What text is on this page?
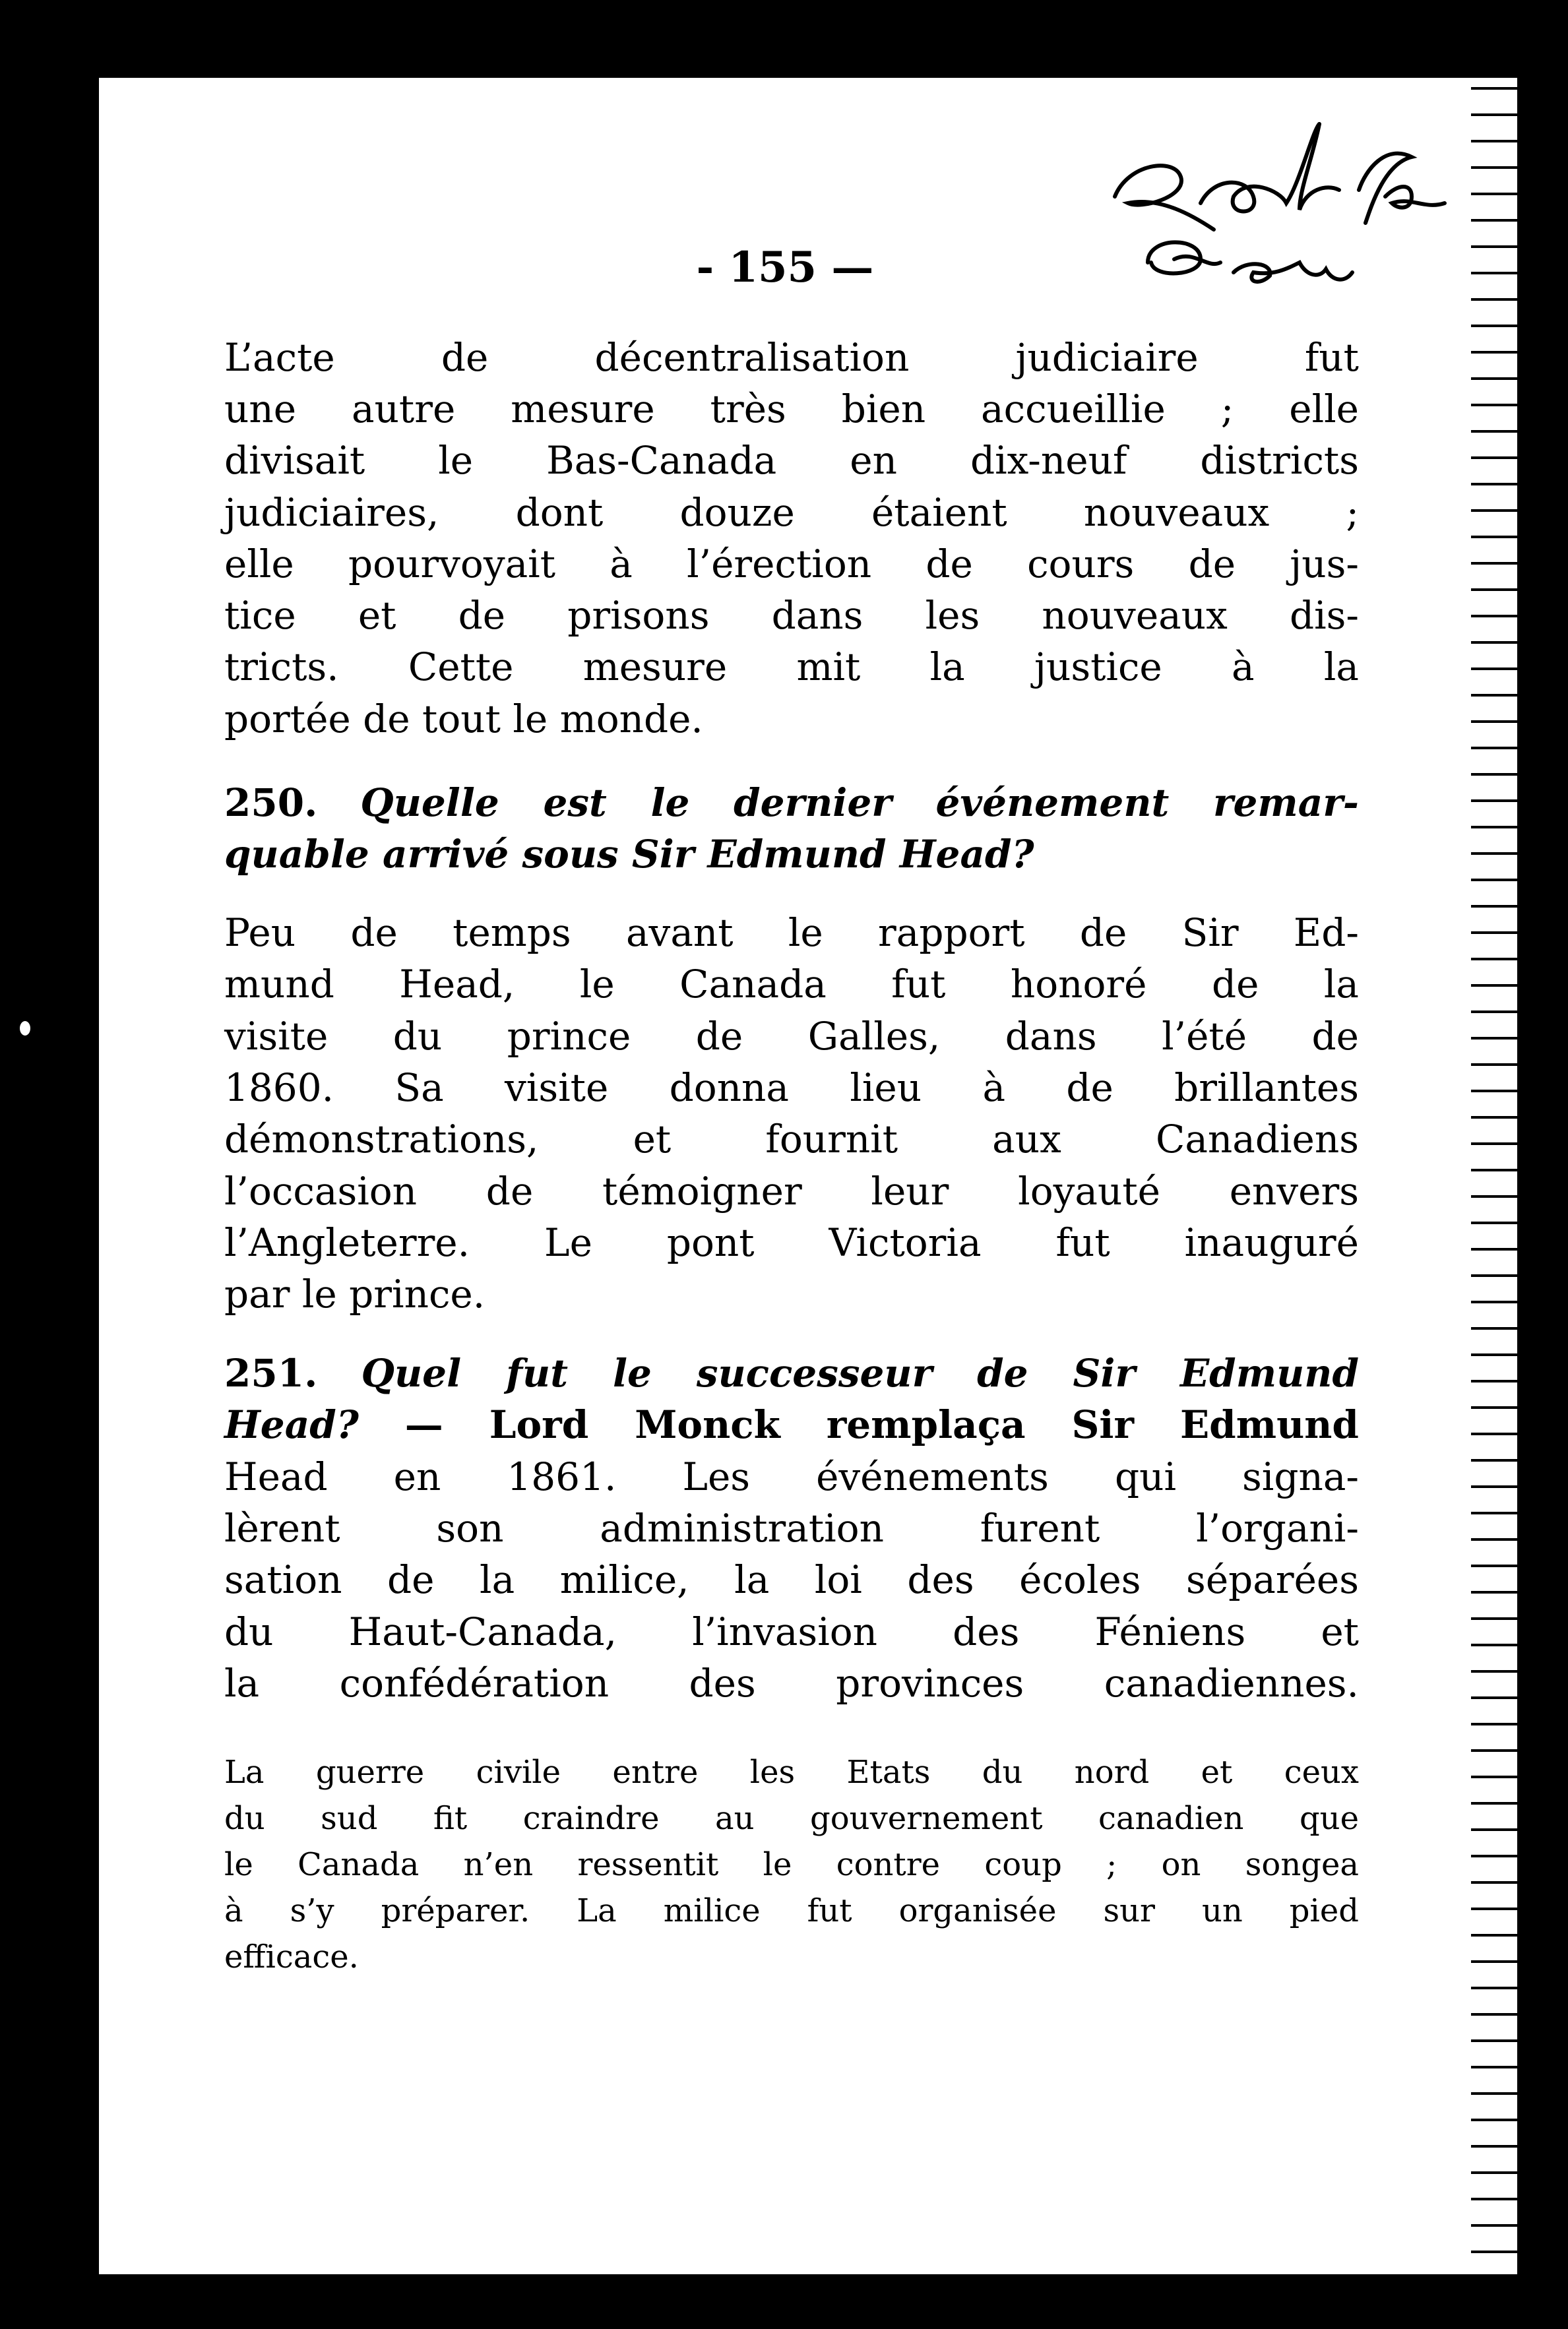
- 155 —
L’acte de décentralisation judiciaire fut
une autre mesure très bien accueillie ; elle
divisait le Bas-Canada en dix-neuf districts
judiciaires, dont douze étaient nouveaux ;
elle pourvoyait à l’érection de cours de jus-
tice et de prisons dans les nouveaux dis-
tricts. Cette mesure mit la justice à la
portée de tout le monde.
250. Quelle est le dernier événement remar-
quable arrivé sous Sir Edmund Head?
Peu de temps avant le rapport de Sir Ed-
mund Head, le Canada fut honoré de la
visite du prince de Galles, dans l’été de
1860. Sa visite donna lieu à de brillantes
démonstrations, et fournit aux Canadiens
l’occasion de témoigner leur loyauté envers
l’Angleterre. Le pont Victoria fut inauguré
par le prince.
251. Quel fut le successeur de Sir Edmund
Head? — Lord Monck remplaça Sir Edmund
Head en 1861. Les événements qui signa-
lèrent son administration furent l’organi-
sation de la milice, la loi des écoles séparées
du Haut-Canada, l’invasion des Féniens et
la confédération des provinces canadiennes.
La guerre civile entre les Etats du nord et ceux
du sud fit craindre au gouvernement canadien que
le Canada n’en ressentit le contre coup ; on songea
à s’y préparer. La milice fut organisée sur un pied
efficace.
